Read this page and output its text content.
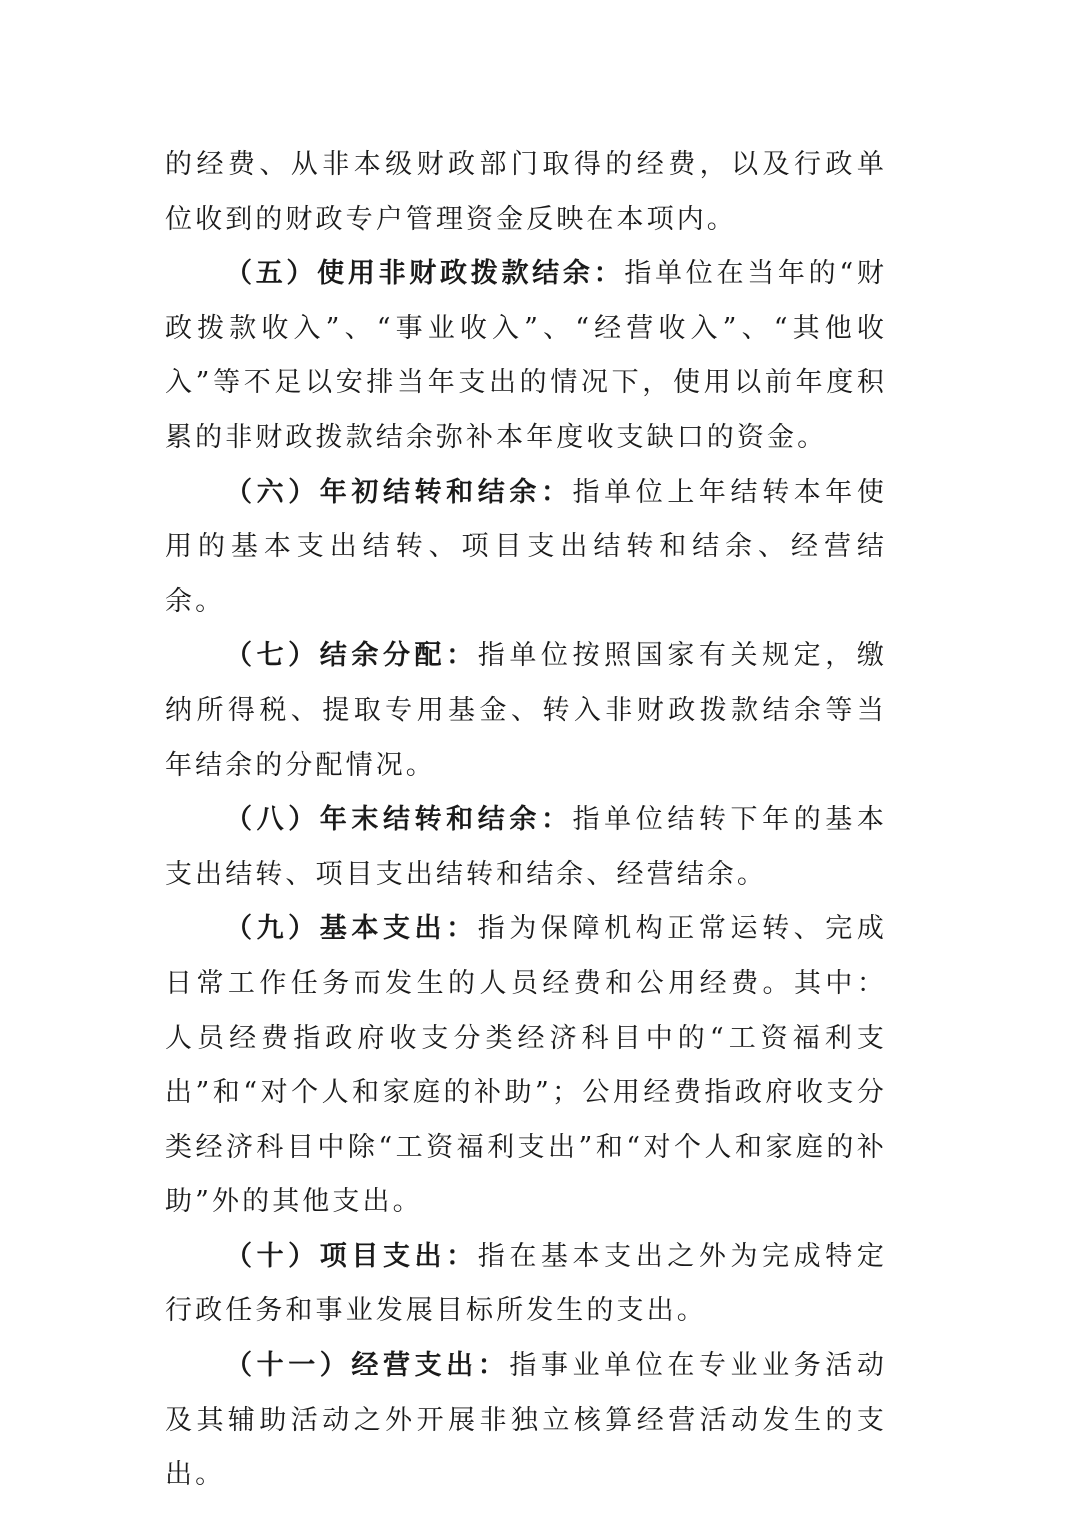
的经费、从非本级财政部门取得的经费，以及行政单位收到的财政专户管理资金反映在本项内。

（五）使用非财政拨款结余：指单位在当年的“财政拨款收入”、“事业收入”、“经营收入”、“其他收入”等不足以安排当年支出的情况下，使用以前年度积累的非财政拨款结余弥补本年度收支缺口的资金。

（六）年初结转和结余：指单位上年结转本年使用的基本支出结转、项目支出结转和结余、经营结余。

（七）结余分配：指单位按照国家有关规定，缴纳所得税、提取专用基金、转入非财政拨款结余等当年结余的分配情况。

（八）年末结转和结余：指单位结转下年的基本支出结转、项目支出结转和结余、经营结余。

（九）基本支出：指为保障机构正常运转、完成日常工作任务而发生的人员经费和公用经费。其中：人员经费指政府收支分类经济科目中的“工资福利支出”和“对个人和家庭的补助”；公用经费指政府收支分类经济科目中除“工资福利支出”和“对个人和家庭的补助”外的其他支出。

（十）项目支出：指在基本支出之外为完成特定行政任务和事业发展目标所发生的支出。

（十一）经营支出：指事业单位在专业业务活动及其辅助活动之外开展非独立核算经营活动发生的支出。
